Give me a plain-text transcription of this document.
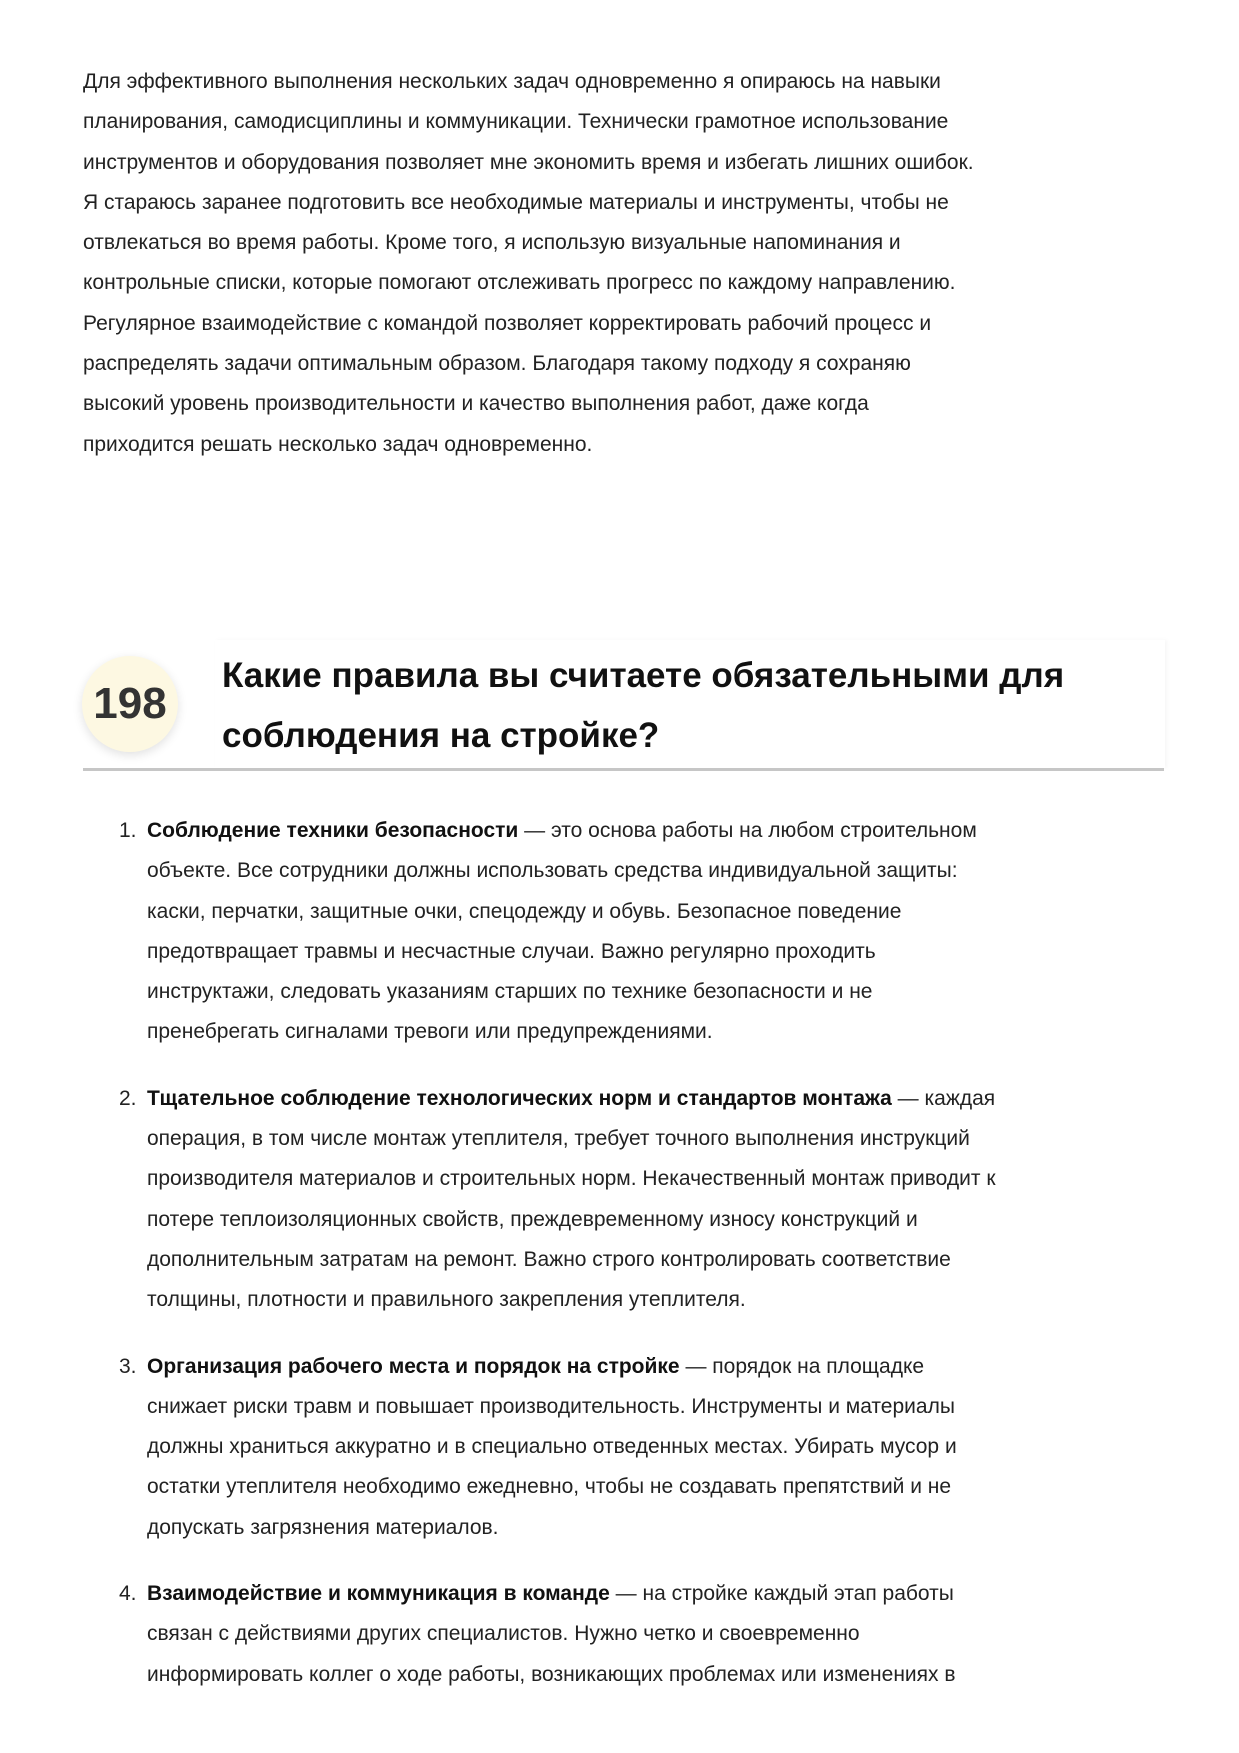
Для эффективного выполнения нескольких задач одновременно я опираюсь на навыки
планирования, самодисциплины и коммуникации. Технически грамотное использование
инструментов и оборудования позволяет мне экономить время и избегать лишних ошибок.
Я стараюсь заранее подготовить все необходимые материалы и инструменты, чтобы не
отвлекаться во время работы. Кроме того, я использую визуальные напоминания и
контрольные списки, которые помогают отслеживать прогресс по каждому направлению.
Регулярное взаимодействие с командой позволяет корректировать рабочий процесс и
распределять задачи оптимальным образом. Благодаря такому подходу я сохраняю
высокий уровень производительности и качество выполнения работ, даже когда
приходится решать несколько задач одновременно.
198
Какие правила вы считаете обязательными для
соблюдения на стройке?
1. Соблюдение техники безопасности — это основа работы на любом строительном
объекте. Все сотрудники должны использовать средства индивидуальной защиты:
каски, перчатки, защитные очки, спецодежду и обувь. Безопасное поведение
предотвращает травмы и несчастные случаи. Важно регулярно проходить
инструктажи, следовать указаниям старших по технике безопасности и не
пренебрегать сигналами тревоги или предупреждениями.
2. Тщательное соблюдение технологических норм и стандартов монтажа — каждая
операция, в том числе монтаж утеплителя, требует точного выполнения инструкций
производителя материалов и строительных норм. Некачественный монтаж приводит к
потере теплоизоляционных свойств, преждевременному износу конструкций и
дополнительным затратам на ремонт. Важно строго контролировать соответствие
толщины, плотности и правильного закрепления утеплителя.
3. Организация рабочего места и порядок на стройке — порядок на площадке
снижает риски травм и повышает производительность. Инструменты и материалы
должны храниться аккуратно и в специально отведенных местах. Убирать мусор и
остатки утеплителя необходимо ежедневно, чтобы не создавать препятствий и не
допускать загрязнения материалов.
4. Взаимодействие и коммуникация в команде — на стройке каждый этап работы
связан с действиями других специалистов. Нужно четко и своевременно
информировать коллег о ходе работы, возникающих проблемах или изменениях в
